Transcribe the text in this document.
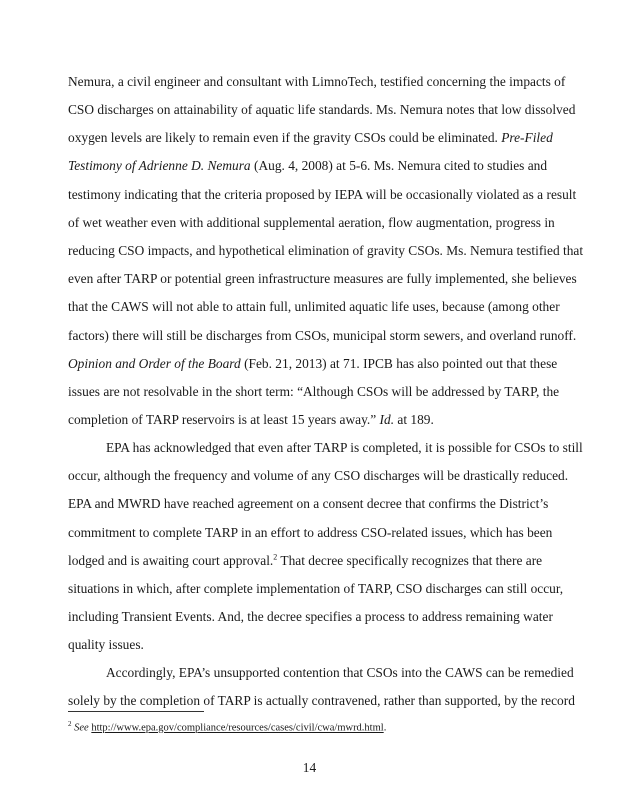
Nemura, a civil engineer and consultant with LimnoTech, testified concerning the impacts of
CSO discharges on attainability of aquatic life standards. Ms. Nemura notes that low dissolved
oxygen levels are likely to remain even if the gravity CSOs could be eliminated. Pre-Filed
Testimony of Adrienne D. Nemura (Aug. 4, 2008) at 5-6. Ms. Nemura cited to studies and
testimony indicating that the criteria proposed by IEPA will be occasionally violated as a result
of wet weather even with additional supplemental aeration, flow augmentation, progress in
reducing CSO impacts, and hypothetical elimination of gravity CSOs. Ms. Nemura testified that
even after TARP or potential green infrastructure measures are fully implemented, she believes
that the CAWS will not able to attain full, unlimited aquatic life uses, because (among other
factors) there will still be discharges from CSOs, municipal storm sewers, and overland runoff.
Opinion and Order of the Board (Feb. 21, 2013) at 71. IPCB has also pointed out that these
issues are not resolvable in the short term: “Although CSOs will be addressed by TARP, the
completion of TARP reservoirs is at least 15 years away.” Id. at 189.
EPA has acknowledged that even after TARP is completed, it is possible for CSOs to still
occur, although the frequency and volume of any CSO discharges will be drastically reduced.
EPA and MWRD have reached agreement on a consent decree that confirms the District’s
commitment to complete TARP in an effort to address CSO-related issues, which has been
lodged and is awaiting court approval.$^2$ That decree specifically recognizes that there are
situations in which, after complete implementation of TARP, CSO discharges can still occur,
including Transient Events. And, the decree specifies a process to address remaining water
quality issues.
Accordingly, EPA’s unsupported contention that CSOs into the CAWS can be remedied
solely by the completion of TARP is actually contravened, rather than supported, by the record
$^2$ See http://www.epa.gov/compliance/resources/cases/civil/cwa/mwrd.html.
14
